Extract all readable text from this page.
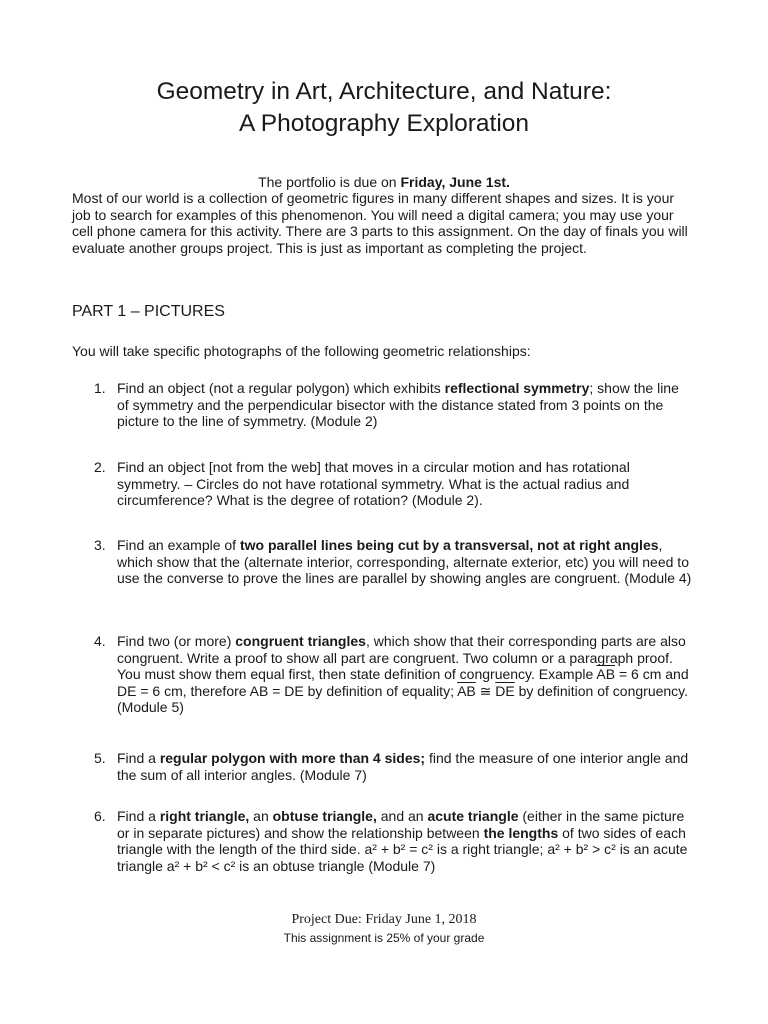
Geometry in Art, Architecture, and Nature:
A Photography Exploration
The portfolio is due on Friday, June 1st.
Most of our world is a collection of geometric figures in many different shapes and sizes. It is your job to search for examples of this phenomenon. You will need a digital camera; you may use your cell phone camera for this activity. There are 3 parts to this assignment. On the day of finals you will evaluate another groups project. This is just as important as completing the project.
PART 1 – PICTURES
You will take specific photographs of the following geometric relationships:
1. Find an object (not a regular polygon) which exhibits reflectional symmetry; show the line of symmetry and the perpendicular bisector with the distance stated from 3 points on the picture to the line of symmetry. (Module 2)
2. Find an object [not from the web] that moves in a circular motion and has rotational symmetry. – Circles do not have rotational symmetry. What is the actual radius and circumference? What is the degree of rotation? (Module 2).
3. Find an example of two parallel lines being cut by a transversal, not at right angles, which show that the (alternate interior, corresponding, alternate exterior, etc) you will need to use the converse to prove the lines are parallel by showing angles are congruent. (Module 4)
4. Find two (or more) congruent triangles, which show that their corresponding parts are also congruent. Write a proof to show all part are congruent. Two column or a paragraph proof. You must show them equal first, then state definition of congruency. Example $\overline{AB} = 6$ cm and DE = 6 cm, therefore AB = DE by definition of equality; $\overline{AB}$ ≅ $\overline{DE}$ by definition of congruency.(Module 5)
5. Find a regular polygon with more than 4 sides; find the measure of one interior angle and the sum of all interior angles. (Module 7)
6. Find a right triangle, an obtuse triangle, and an acute triangle (either in the same picture or in separate pictures) and show the relationship between the lengths of two sides of each triangle with the length of the third side. a² + b² = c² is a right triangle; a² + b² > c² is an acute triangle a² + b² < c² is an obtuse triangle (Module 7)
Project Due: Friday June 1, 2018
This assignment is 25% of your grade
